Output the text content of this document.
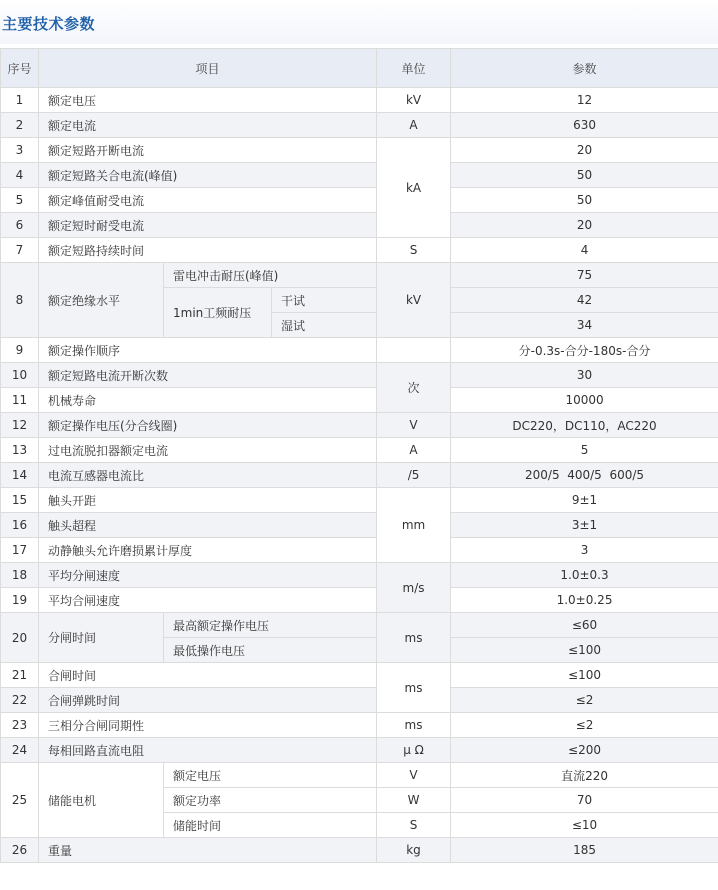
主要技术参数
序号	项目			单位	参数
1	额定电压			kV	12
2	额定电流			A	630
3	额定短路开断电流			kA	20
4	额定短路关合电流(峰值)				50
5	额定峰值耐受电流				50
6	额定短时耐受电流				20
7	额定短路持续时间			S	4
8	额定绝缘水平	雷电冲击耐压(峰值)		kV	75
		1min工频耐压	干试		42
			湿试		34
9	额定操作顺序				分-0.3s-合分-180s-合分
10	额定短路电流开断次数			次	30
11	机械寿命				10000
12	额定操作电压(分合线圈)			V	DC220，DC110，AC220
13	过电流脱扣器额定电流			A	5
14	电流互感器电流比			/5	200/5  400/5  600/5
15	触头开距			mm	9±1
16	触头超程				3±1
17	动静触头允许磨损累计厚度				3
18	平均分闸速度			m/s	1.0±0.3
19	平均合闸速度				1.0±0.25
20	分闸时间	最高额定操作电压		ms	≤60
		最低操作电压			≤100
21	合闸时间			ms	≤100
22	合闸弹跳时间				≤2
23	三相分合闸同期性			ms	≤2
24	每相回路直流电阻			μ Ω	≤200
25	储能电机	额定电压		V	直流220
		额定功率		W	70
		储能时间		S	≤10
26	重量			kg	185
